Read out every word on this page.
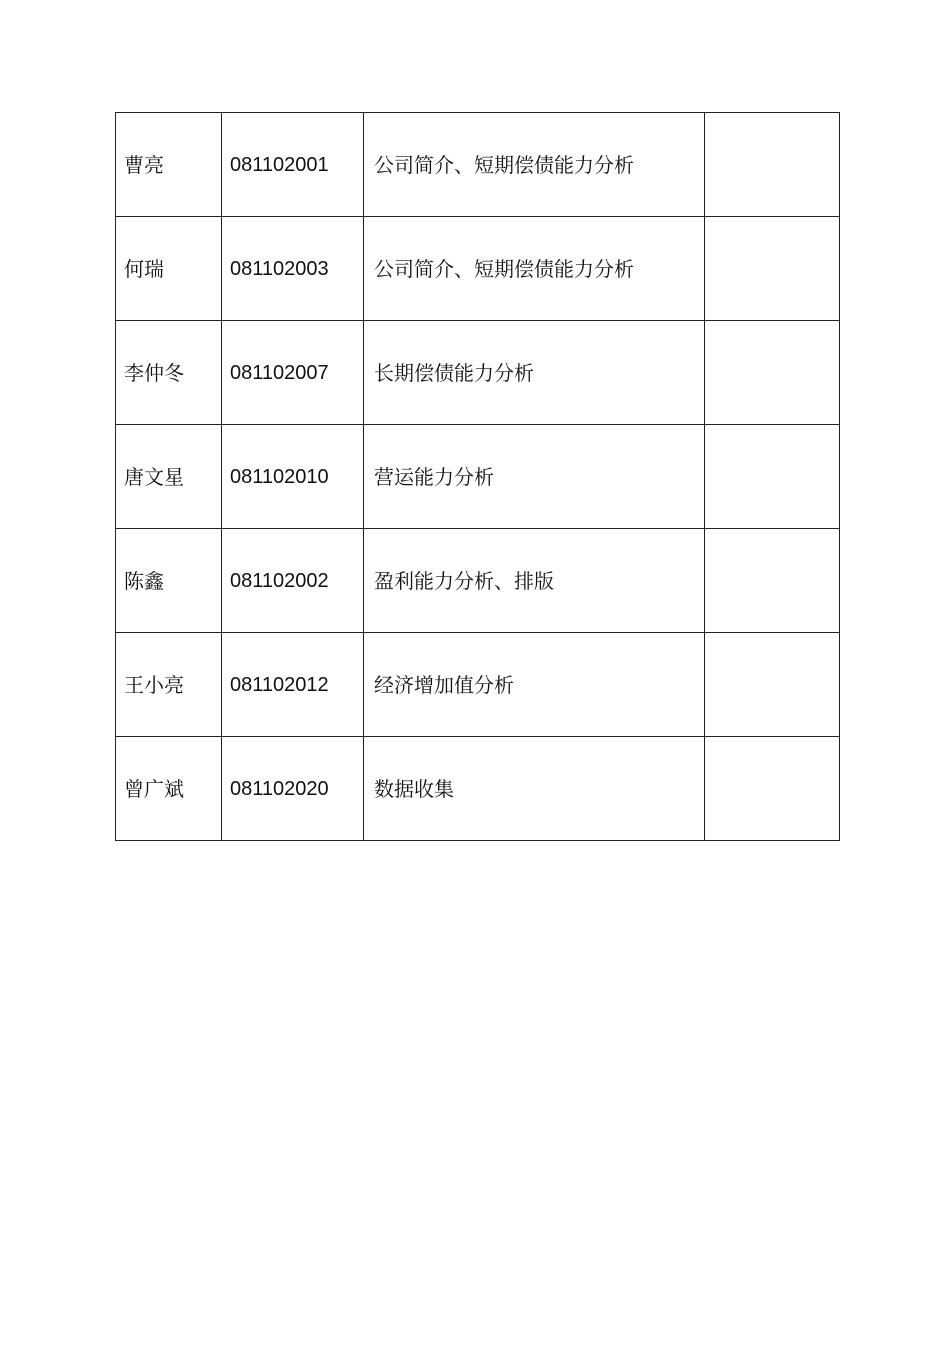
曹亮	081102001	公司简介、短期偿债能力分析	
何瑞	081102003	公司简介、短期偿债能力分析	
李仲冬	081102007	长期偿债能力分析	
唐文星	081102010	营运能力分析	
陈鑫	081102002	盈利能力分析、排版	
王小亮	081102012	经济增加值分析	
曾广斌	081102020	数据收集	
